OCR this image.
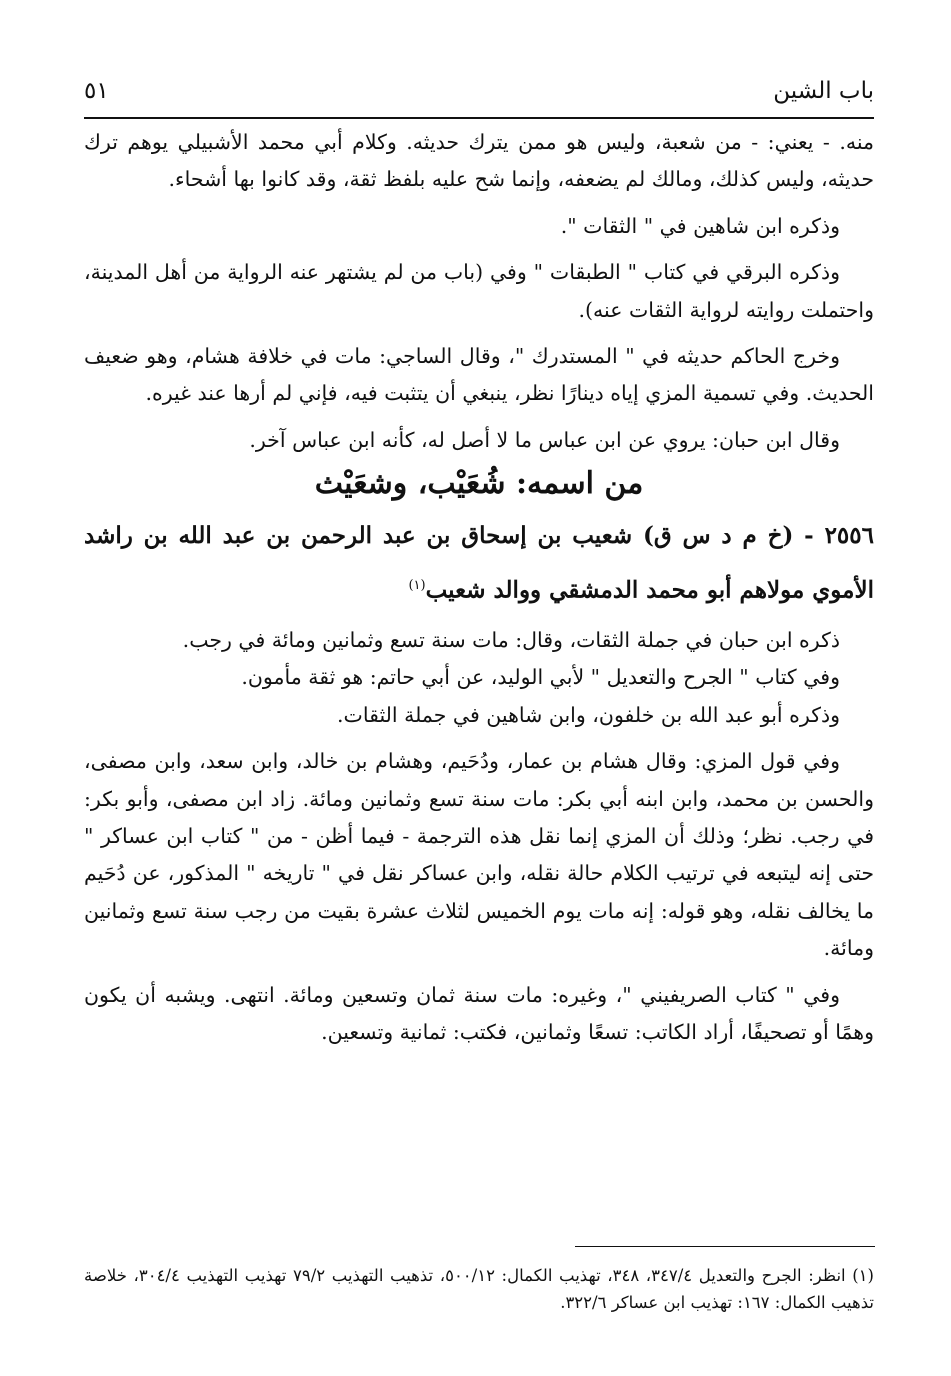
باب الشين
٥١

منه. - يعني: - من شعبة، وليس هو ممن يترك حديثه. وكلام أبي محمد الأشبيلي يوهم ترك حديثه، وليس كذلك، ومالك لم يضعفه، وإنما شح عليه بلفظ ثقة، وقد كانوا بها أشحاء.

وذكره ابن شاهين في " الثقات ".

وذكره البرقي في كتاب " الطبقات " وفي (باب من لم يشتهر عنه الرواية من أهل المدينة، واحتملت روايته لرواية الثقات عنه).

وخرج الحاكم حديثه في " المستدرك "، وقال الساجي: مات في خلافة هشام، وهو ضعيف الحديث. وفي تسمية المزي إياه دينارًا نظر، ينبغي أن يتثبت فيه، فإني لم أرها عند غيره.

وقال ابن حبان: يروي عن ابن عباس ما لا أصل له، كأنه ابن عباس آخر.

من اسمه: شُعَيْب، وشعَيْث
٢٥٥٦ - (خ م د س ق) شعيب بن إسحاق بن عبد الرحمن بن عبد الله بن راشد الأموي مولاهم أبو محمد الدمشقي ووالد شعيب$^{(١)}$

ذكره ابن حبان في جملة الثقات، وقال: مات سنة تسع وثمانين ومائة في رجب.

وفي كتاب " الجرح والتعديل " لأبي الوليد، عن أبي حاتم: هو ثقة مأمون.

وذكره أبو عبد الله بن خلفون، وابن شاهين في جملة الثقات.

وفي قول المزي: وقال هشام بن عمار، ودُحَيم، وهشام بن خالد، وابن سعد، وابن مصفى، والحسن بن محمد، وابن ابنه أبي بكر: مات سنة تسع وثمانين ومائة. زاد ابن مصفى، وأبو بكر: في رجب. نظر؛ وذلك أن المزي إنما نقل هذه الترجمة - فيما أظن - من " كتاب ابن عساكر " حتى إنه ليتبعه في ترتيب الكلام حالة نقله، وابن عساكر نقل في " تاريخه " المذكور، عن دُحَيم ما يخالف نقله، وهو قوله: إنه مات يوم الخميس لثلاث عشرة بقيت من رجب سنة تسع وثمانين ومائة.

وفي " كتاب الصريفيني "، وغيره: مات سنة ثمان وتسعين ومائة. انتهى. ويشبه أن يكون وهمًا أو تصحيفًا، أراد الكاتب: تسعًا وثمانين، فكتب: ثمانية وتسعين.

(١) انظر: الجرح والتعديل ٣٤٧/٤، ٣٤٨، تهذيب الكمال: ٥٠٠/١٢، تذهيب التهذيب ٧٩/٢ تهذيب التهذيب ٣٠٤/٤، خلاصة تذهيب الكمال: ١٦٧: تهذيب ابن عساكر ٣٢٢/٦.
